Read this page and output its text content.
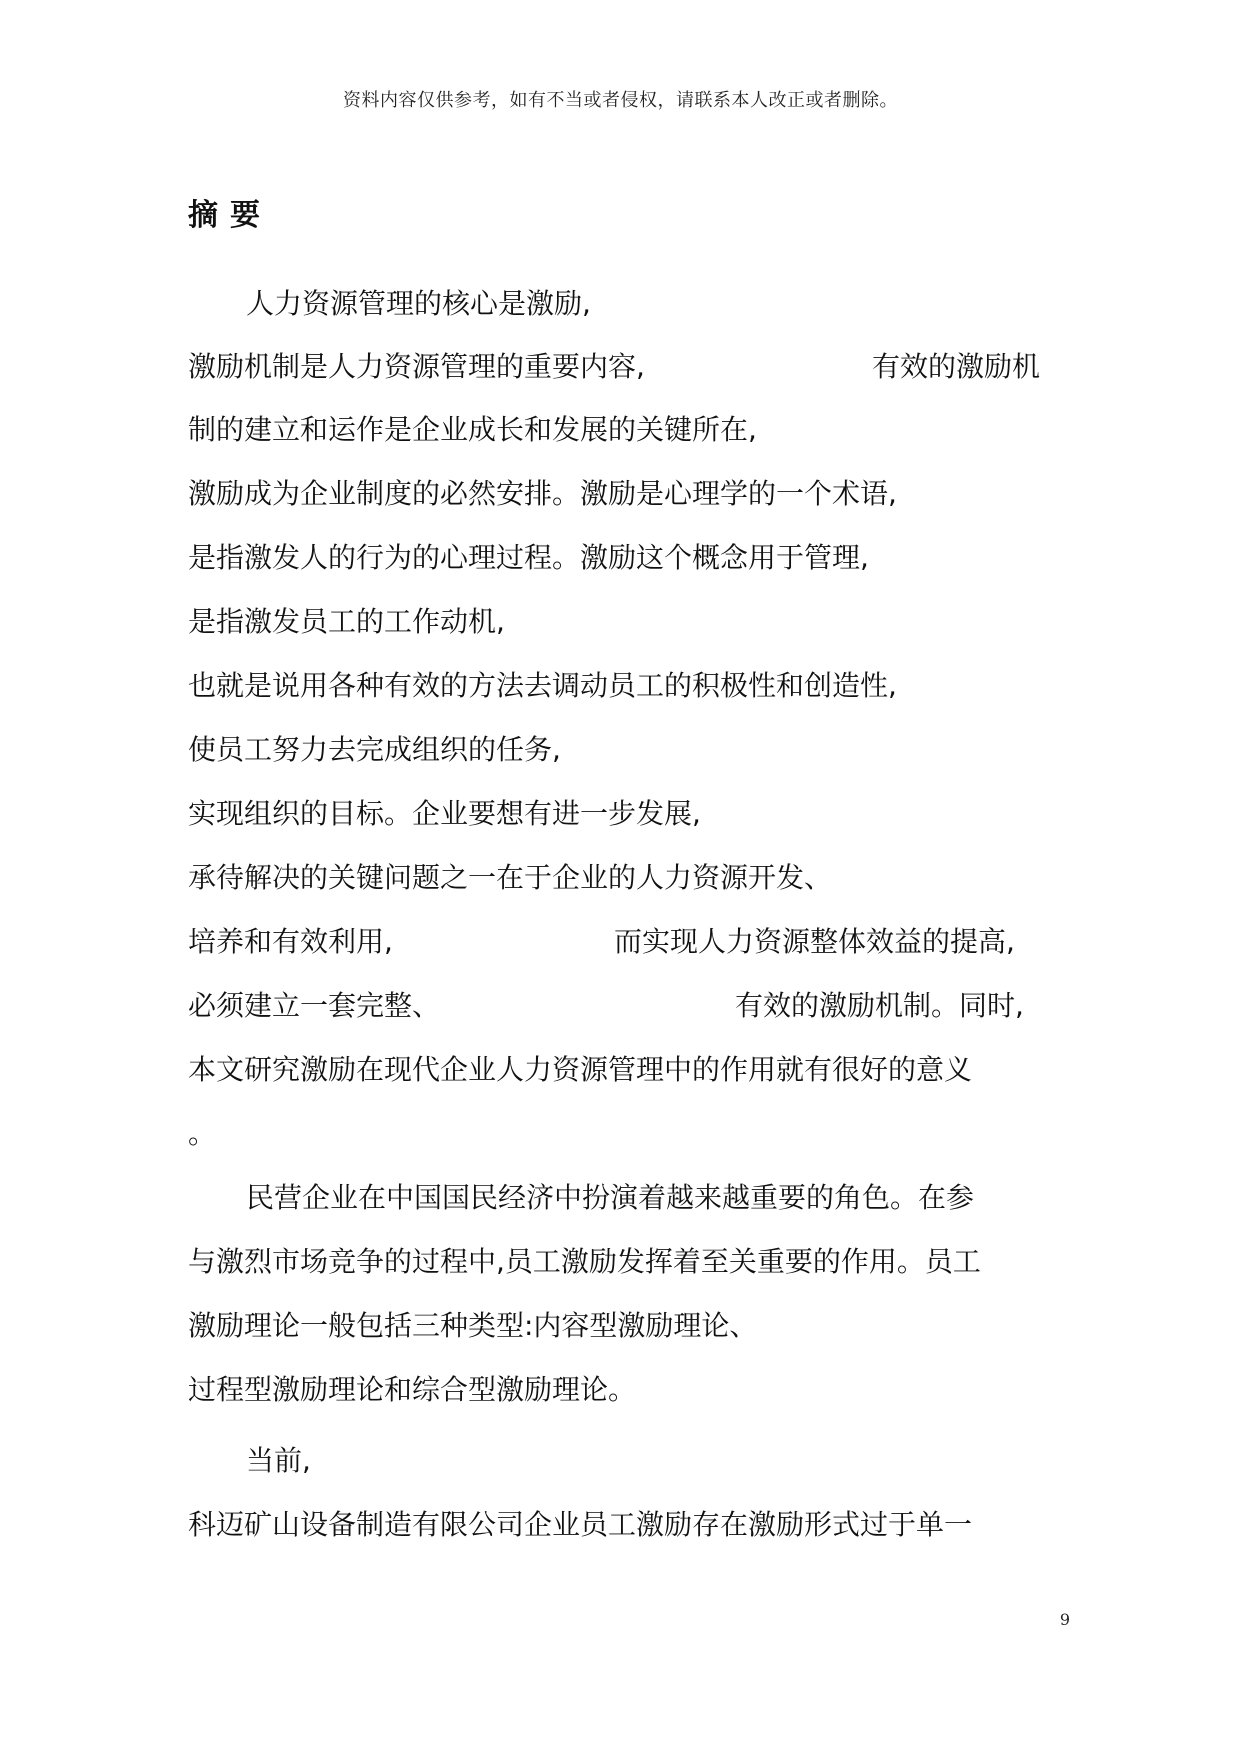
资料内容仅供参考，如有不当或者侵权，请联系本人改正或者删除。
摘要
人力资源管理的核心是激励,
激励机制是人力资源管理的重要内容,	有效的激励机
制的建立和运作是企业成长和发展的关键所在,
激励成为企业制度的必然安排。激励是心理学的一个术语,
是指激发人的行为的心理过程。激励这个概念用于管理,
是指激发员工的工作动机,
也就是说用各种有效的方法去调动员工的积极性和创造性,
使员工努力去完成组织的任务,
实现组织的目标。企业要想有进一步发展,
承待解决的关键问题之一在于企业的人力资源开发、
培养和有效利用,	而实现人力资源整体效益的提高,
必须建立一套完整、	有效的激励机制。同时,
本文研究激励在现代企业人力资源管理中的作用就有很好的意义
。
民营企业在中国国民经济中扮演着越来越重要的角色。在参
与激烈市场竞争的过程中,员工激励发挥着至关重要的作用。员工
激励理论一般包括三种类型:内容型激励理论、
过程型激励理论和综合型激励理论。
当前,
科迈矿山设备制造有限公司企业员工激励存在激励形式过于单一
9
